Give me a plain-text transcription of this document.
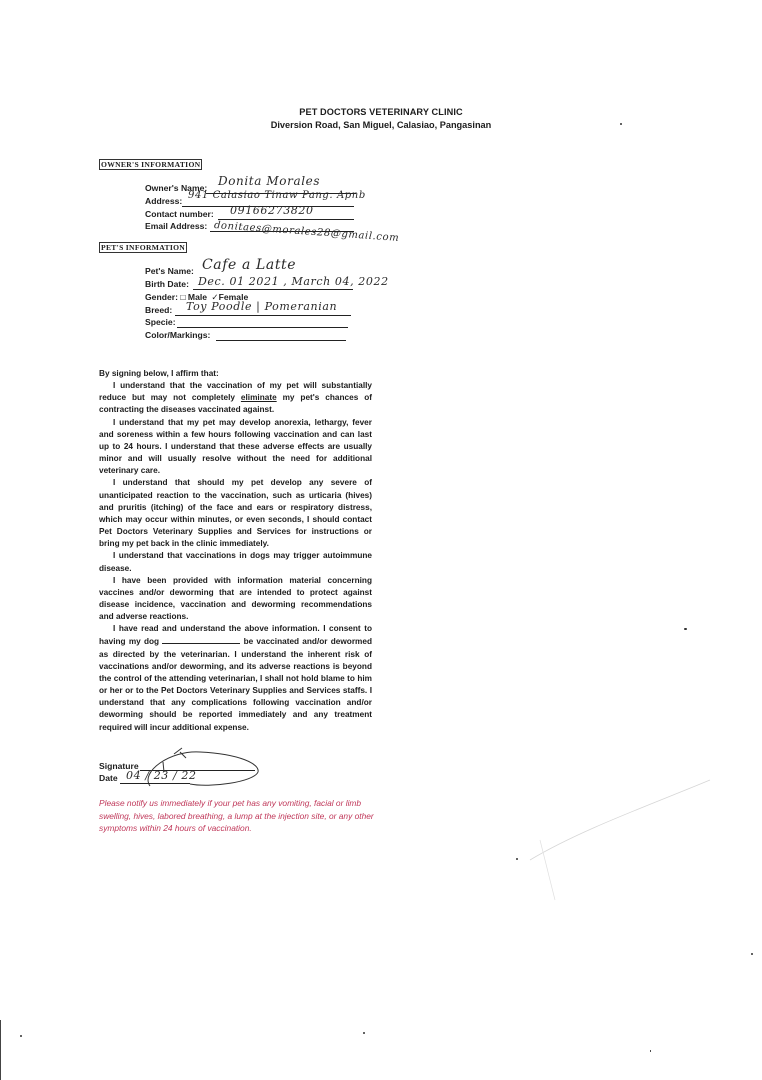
PET DOCTORS VETERINARY CLINIC
Diversion Road, San Miguel, Calasiao, Pangasinan
OWNER'S INFORMATION
Owner's Name: Donita Morales
Address: 941 Calasiao Tinaw Pang. Apnb
Contact number: 09166273820
Email Address: donitaes@morales28@gmail.com
PET'S INFORMATION
Pet's Name: Cafe a Latte
Birth Date: Dec. 01 2021 , March 04, 2022
Gender: □ Male ✓Female
Breed: Toy Poodle | Pomeranian
Specie:
Color/Markings:

By signing below, I affirm that:

I understand that the vaccination of my pet will substantially reduce but may not completely eliminate my pet's chances of contracting the diseases vaccinated against.

I understand that my pet may develop anorexia, lethargy, fever and soreness within a few hours following vaccination and can last up to 24 hours. I understand that these adverse effects are usually minor and will usually resolve without the need for additional veterinary care.

I understand that should my pet develop any severe of unanticipated reaction to the vaccination, such as urticaria (hives) and pruritis (itching) of the face and ears or respiratory distress, which may occur within minutes, or even seconds, I should contact Pet Doctors Veterinary Supplies and Services for instructions or bring my pet back in the clinic immediately.

I understand that vaccinations in dogs may trigger autoimmune disease.

I have been provided with information material concerning vaccines and/or deworming that are intended to protect against disease incidence, vaccination and deworming recommendations and adverse reactions.

I have read and understand the above information. I consent to having my dog	be vaccinated and/or dewormed as directed by the veterinarian. I understand the inherent risk of vaccinations and/or deworming, and its adverse reactions is beyond the control of the attending veterinarian, I shall not hold blame to him or her or to the Pet Doctors Veterinary Supplies and Services staffs. I understand that any complications following vaccination and/or deworming should be reported immediately and any treatment required will incur additional expense.

Signature
Date 04 / 23 / 22
Please notify us immediately if your pet has any vomiting, facial or limb swelling, hives, labored breathing, a lump at the injection site, or any other symptoms within 24 hours of vaccination.
